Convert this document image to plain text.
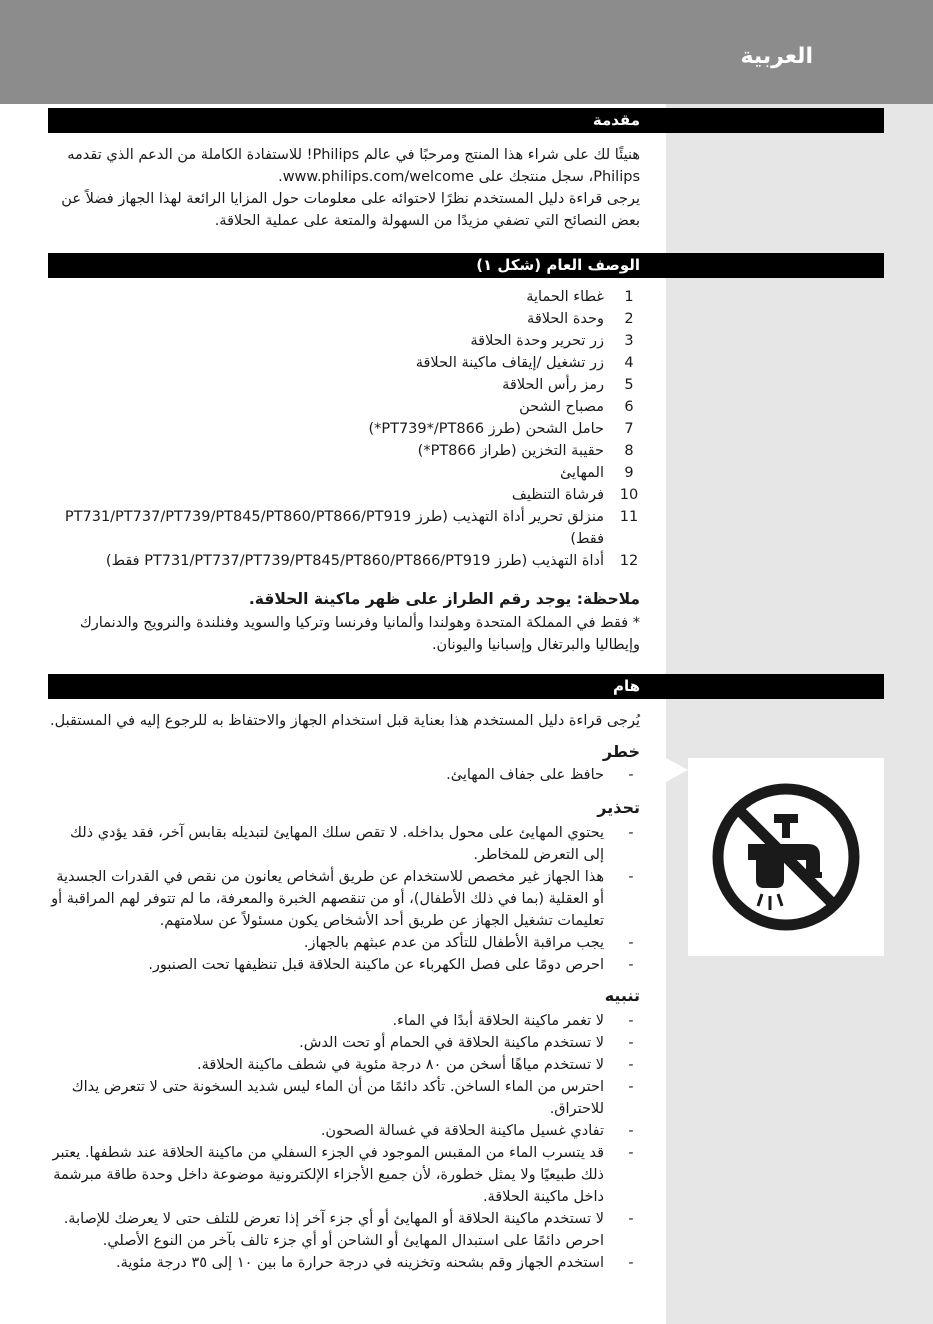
العربية
مقدمة

هنيئًا لك على شراء هذا المنتج ومرحبًا في عالم Philips! للاستفادة الكاملة من الدعم الذي تقدمه Philips، سجل منتجك على www.philips.com/welcome.

يرجى قراءة دليل المستخدم نظرًا لاحتوائه على معلومات حول المزايا الرائعة لهذا الجهاز فضلاً عن بعض النصائح التي تضفي مزيدًا من السهولة والمتعة على عملية الحلاقة.

الوصف العام (شكل ١)
1
غطاء الحماية
2
وحدة الحلاقة
3
زر تحرير وحدة الحلاقة
4
زر تشغيل /إيقاف ماكينة الحلاقة
5
رمز رأس الحلاقة
6
مصباح الشحن
7
حامل الشحن (طرز PT739*/PT866*)
8
حقيبة التخزين (طراز PT866*)
9
المهايئ
10
فرشاة التنظيف
11
منزلق تحرير أداة التهذيب (طرز PT731/PT737/PT739/PT845/PT860/PT866/PT919 فقط)
12
أداة التهذيب (طرز PT731/PT737/PT739/PT845/PT860/PT866/PT919 فقط)
ملاحظة: يوجد رقم الطراز على ظهر ماكينة الحلاقة.
* فقط في المملكة المتحدة وهولندا وألمانيا وفرنسا وتركيا والسويد وفنلندة والنرويج والدنمارك وإيطاليا والبرتغال وإسبانيا واليونان.
هام
يُرجى قراءة دليل المستخدم هذا بعناية قبل استخدام الجهاز والاحتفاظ به للرجوع إليه في المستقبل.
خطر
-
حافظ على جفاف المهايئ.
تحذير
-
يحتوي المهايئ على محول بداخله. لا تقص سلك المهايئ لتبديله بقابس آخر، فقد يؤدي ذلك إلى التعرض للمخاطر.
-
هذا الجهاز غير مخصص للاستخدام عن طريق أشخاص يعانون من نقص في القدرات الجسدية أو العقلية (بما في ذلك الأطفال)، أو من تنقصهم الخبرة والمعرفة، ما لم تتوفر لهم المراقبة أو تعليمات تشغيل الجهاز عن طريق أحد الأشخاص يكون مسئولاً عن سلامتهم.
-
يجب مراقبة الأطفال للتأكد من عدم عبثهم بالجهاز.
-
احرص دومًا على فصل الكهرباء عن ماكينة الحلاقة قبل تنظيفها تحت الصنبور.
تنبيه
-
لا تغمر ماكينة الحلاقة أبدًا في الماء.
-
لا تستخدم ماكينة الحلاقة في الحمام أو تحت الدش.
-
لا تستخدم مياهًا أسخن من ٨٠ درجة مئوية في شطف ماكينة الحلاقة.
-
احترس من الماء الساخن. تأكد دائمًا من أن الماء ليس شديد السخونة حتى لا تتعرض يداك للاحتراق.
-
تفادي غسيل ماكينة الحلاقة في غسالة الصحون.
-
قد يتسرب الماء من المقبس الموجود في الجزء السفلي من ماكينة الحلاقة عند شطفها. يعتبر ذلك طبيعيًا ولا يمثل خطورة، لأن جميع الأجزاء الإلكترونية موضوعة داخل وحدة طاقة مبرشمة داخل ماكينة الحلاقة.
-
لا تستخدم ماكينة الحلاقة أو المهايئ أو أي جزء آخر إذا تعرض للتلف حتى لا يعرضك للإصابة. احرص دائمًا على استبدال المهايئ أو الشاحن أو أي جزء تالف بآخر من النوع الأصلي.
-
استخدم الجهاز وقم بشحنه وتخزينه في درجة حرارة ما بين ١٠ إلى ٣٥ درجة مئوية.
